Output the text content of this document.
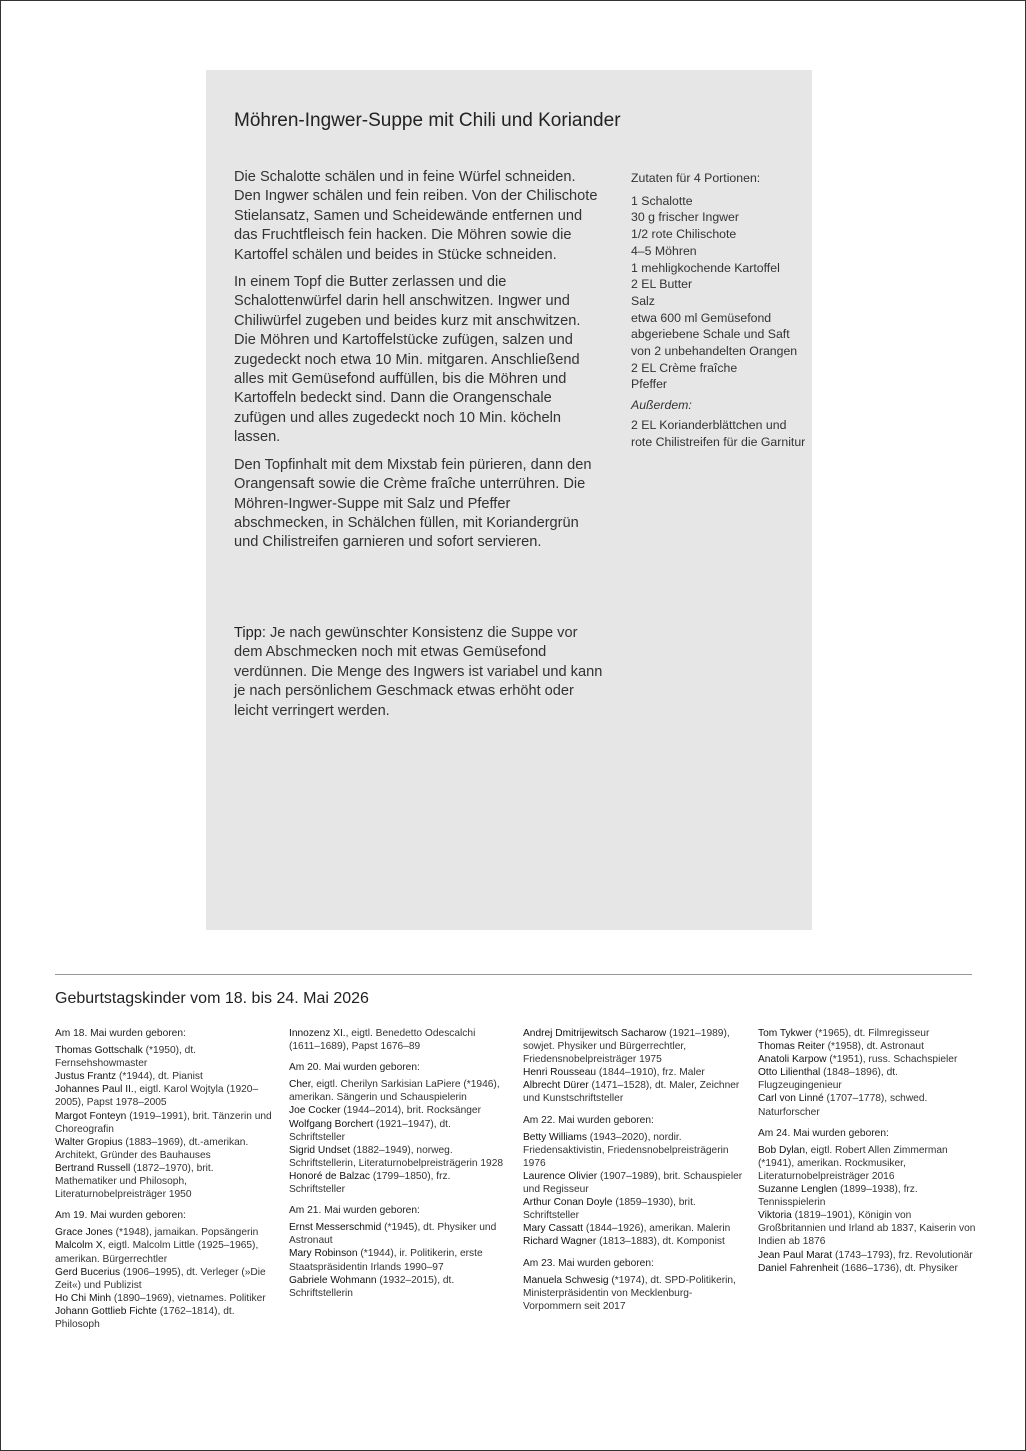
Möhren-Ingwer-Suppe mit Chili und Koriander

Die Schalotte schälen und in feine Würfel schneiden. Den Ingwer schälen und fein reiben. Von der Chilischote Stielansatz, Samen und Scheidewände entfernen und das Fruchtfleisch fein hacken. Die Möhren sowie die Kartoffel schälen und beides in Stücke schneiden.

In einem Topf die Butter zerlassen und die Schalottenwürfel darin hell anschwitzen. Ingwer und Chiliwürfel zugeben und beides kurz mit anschwitzen. Die Möhren und Kartoffelstücke zufügen, salzen und zugedeckt noch etwa 10 Min. mitgaren. Anschließend alles mit Gemüsefond auffüllen, bis die Möhren und Kartoffeln bedeckt sind. Dann die Orangenschale zufügen und alles zugedeckt noch 10 Min. köcheln lassen.

Den Topfinhalt mit dem Mixstab fein pürieren, dann den Orangensaft sowie die Crème fraîche unterrühren. Die Möhren-Ingwer-Suppe mit Salz und Pfeffer abschmecken, in Schälchen füllen, mit Koriandergrün und Chilistreifen garnieren und sofort servieren.

Tipp: Je nach gewünschter Konsistenz die Suppe vor dem Abschmecken noch mit etwas Gemüsefond verdünnen. Die Menge des Ingwers ist variabel und kann je nach persönlichem Geschmack etwas erhöht oder leicht verringert werden.

Zutaten für 4 Portionen:
1 Schalotte
30 g frischer Ingwer
1/2 rote Chilischote
4–5 Möhren
1 mehligkochende Kartoffel
2 EL Butter
Salz
etwa 600 ml Gemüsefond
abgeriebene Schale und Saft von 2 unbehandelten Orangen
2 EL Crème fraîche
Pfeffer
Außerdem:
2 EL Korianderblättchen und rote Chilistreifen für die Garnitur
Geburtstagskinder vom 18. bis 24. Mai 2026
Am 18. Mai wurden geboren:

Thomas Gottschalk (*1950), dt. Fernsehshowmaster

Justus Frantz (*1944), dt. Pianist

Johannes Paul II., eigtl. Karol Wojtyla (1920–2005), Papst 1978–2005

Margot Fonteyn (1919–1991), brit. Tänzerin und Choreografin

Walter Gropius (1883–1969), dt.-amerikan. Architekt, Gründer des Bauhauses

Bertrand Russell (1872–1970), brit. Mathematiker und Philosoph, Literaturnobelpreisträger 1950

Am 19. Mai wurden geboren:

Grace Jones (*1948), jamaikan. Popsängerin

Malcolm X, eigtl. Malcolm Little (1925–1965), amerikan. Bürgerrechtler

Gerd Bucerius (1906–1995), dt. Verleger (»Die Zeit«) und Publizist

Ho Chi Minh (1890–1969), vietnames. Politiker

Johann Gottlieb Fichte (1762–1814), dt. Philosoph

Innozenz XI., eigtl. Benedetto Odescalchi (1611–1689), Papst 1676–89

Am 20. Mai wurden geboren:

Cher, eigtl. Cherilyn Sarkisian LaPiere (*1946), amerikan. Sängerin und Schauspielerin

Joe Cocker (1944–2014), brit. Rocksänger

Wolfgang Borchert (1921–1947), dt. Schriftsteller

Sigrid Undset (1882–1949), norweg. Schriftstellerin, Literaturnobelpreisträgerin 1928

Honoré de Balzac (1799–1850), frz. Schriftsteller

Am 21. Mai wurden geboren:

Ernst Messerschmid (*1945), dt. Physiker und Astronaut

Mary Robinson (*1944), ir. Politikerin, erste Staatspräsidentin Irlands 1990–97

Gabriele Wohmann (1932–2015), dt. Schriftstellerin

Andrej Dmitrijewitsch Sacharow (1921–1989), sowjet. Physiker und Bürgerrechtler, Friedensnobelpreisträger 1975

Henri Rousseau (1844–1910), frz. Maler

Albrecht Dürer (1471–1528), dt. Maler, Zeichner und Kunstschriftsteller

Am 22. Mai wurden geboren:

Betty Williams (1943–2020), nordir. Friedensaktivistin, Friedensnobelpreisträgerin 1976

Laurence Olivier (1907–1989), brit. Schauspieler und Regisseur

Arthur Conan Doyle (1859–1930), brit. Schriftsteller

Mary Cassatt (1844–1926), amerikan. Malerin

Richard Wagner (1813–1883), dt. Komponist

Am 23. Mai wurden geboren:

Manuela Schwesig (*1974), dt. SPD-Politikerin, Ministerpräsidentin von Mecklenburg-Vorpommern seit 2017

Tom Tykwer (*1965), dt. Filmregisseur

Thomas Reiter (*1958), dt. Astronaut

Anatoli Karpow (*1951), russ. Schachspieler

Otto Lilienthal (1848–1896), dt. Flugzeugingenieur

Carl von Linné (1707–1778), schwed. Naturforscher

Am 24. Mai wurden geboren:

Bob Dylan, eigtl. Robert Allen Zimmerman (*1941), amerikan. Rockmusiker, Literaturnobelpreisträger 2016

Suzanne Lenglen (1899–1938), frz. Tennisspielerin

Viktoria (1819–1901), Königin von Großbritannien und Irland ab 1837, Kaiserin von Indien ab 1876

Jean Paul Marat (1743–1793), frz. Revolutionär

Daniel Fahrenheit (1686–1736), dt. Physiker
